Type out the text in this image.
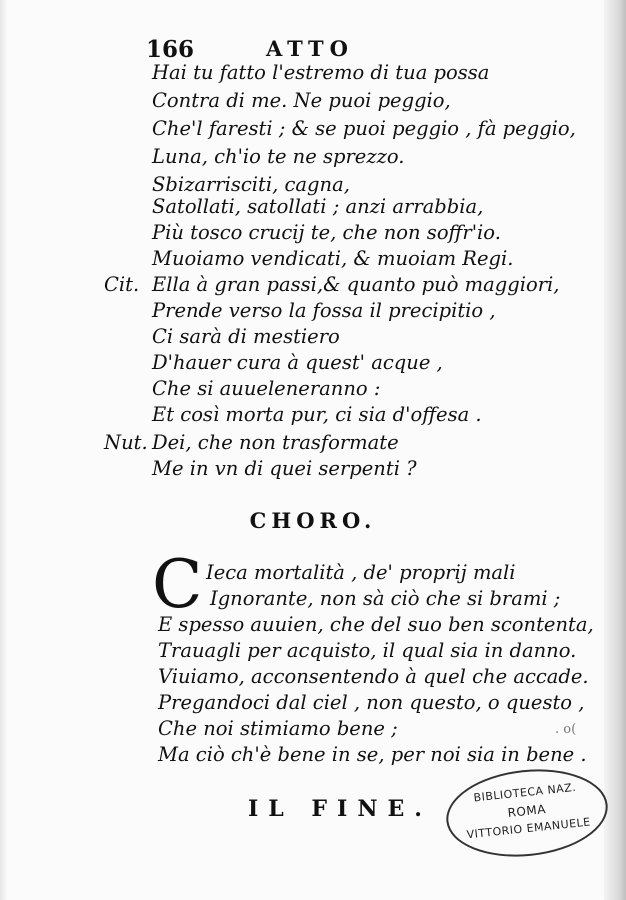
166	ATTO
Hai tu fatto l'estremo di tua possa
Contra di me. Ne puoi peggio,
Che'l faresti ; & se puoi peggio , fà peggio,
Luna, ch'io te ne sprezzo.
Sbizarrisciti, cagna,
Satollati, satollati ; anzi arrabbia,
Più tosco crucij te, che non soffr'io.
Muoiamo vendicati, & muoiam Regi.
Cit. Ella à gran passi,& quanto può maggiori,
Prende verso la fossa il precipitio ,
Ci sarà di mestiero
D'hauer cura à quest' acque ,
Che si auueleneranno :
Et così morta pur, ci sia d'offesa .
Nut. Dei, che non trasformate
Me in vn di quei serpenti ?
CHORO.
C Ieca mortalità , de' proprij mali
Ignorante, non sà ciò che si brami ;
E spesso auuien, che del suo ben scontenta,
Trauagli per acquisto, il qual sia in danno.
Viuiamo, acconsentendo à quel che accade.
Pregandoci dal ciel , non questo, o questo ,
Che noi stimiamo bene ;
Ma ciò ch'è bene in se, per noi sia in bene .
. o(
IL FINE.
BIBLIOTECA NAZ.
ROMA
VITTORIO EMANUELE
